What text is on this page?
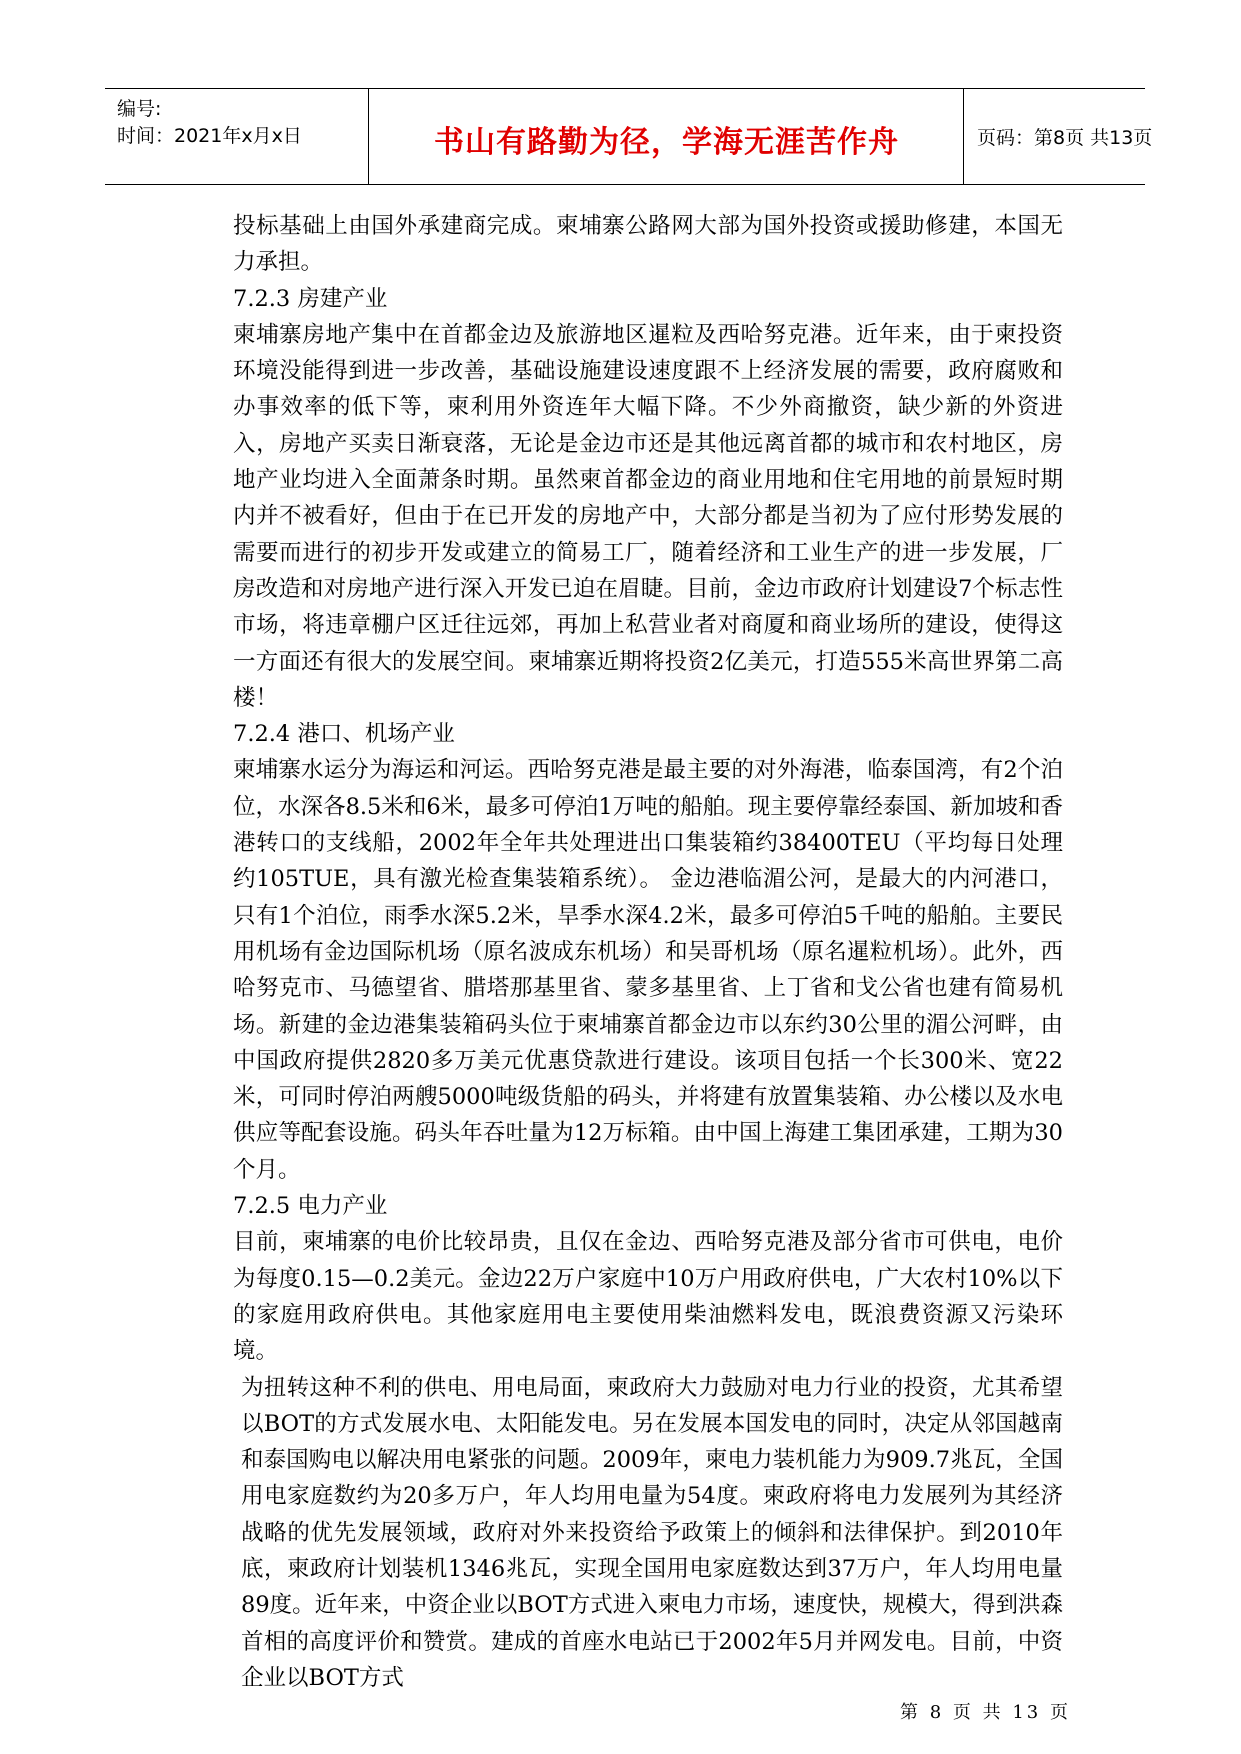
编号:
时间：2021年x月x日	书山有路勤为径，学海无涯苦作舟	页码：第8页 共13页

投标基础上由国外承建商完成。柬埔寨公路网大部为国外投资或援助修建，本国无力承担。

7.2.3 房建产业

柬埔寨房地产集中在首都金边及旅游地区暹粒及西哈努克港。近年来，由于柬投资环境没能得到进一步改善，基础设施建设速度跟不上经济发展的需要，政府腐败和办事效率的低下等，柬利用外资连年大幅下降。不少外商撤资，缺少新的外资进入，房地产买卖日渐衰落，无论是金边市还是其他远离首都的城市和农村地区，房地产业均进入全面萧条时期。虽然柬首都金边的商业用地和住宅用地的前景短时期内并不被看好，但由于在已开发的房地产中，大部分都是当初为了应付形势发展的需要而进行的初步开发或建立的简易工厂，随着经济和工业生产的进一步发展，厂房改造和对房地产进行深入开发已迫在眉睫。目前，金边市政府计划建设7个标志性市场，将违章棚户区迁往远郊，再加上私营业者对商厦和商业场所的建设，使得这一方面还有很大的发展空间。柬埔寨近期将投资2亿美元，打造555米高世界第二高楼！

7.2.4 港口、机场产业

柬埔寨水运分为海运和河运。西哈努克港是最主要的对外海港，临泰国湾，有2个泊位，水深各8.5米和6米，最多可停泊1万吨的船舶。现主要停靠经泰国、新加坡和香港转口的支线船，2002年全年共处理进出口集装箱约38400TEU（平均每日处理约105TUE，具有激光检查集装箱系统）。 金边港临湄公河，是最大的内河港口，只有1个泊位，雨季水深5.2米，旱季水深4.2米，最多可停泊5千吨的船舶。主要民用机场有金边国际机场（原名波成东机场）和吴哥机场（原名暹粒机场）。此外，西哈努克市、马德望省、腊塔那基里省、蒙多基里省、上丁省和戈公省也建有简易机场。新建的金边港集装箱码头位于柬埔寨首都金边市以东约30公里的湄公河畔，由中国政府提供2820多万美元优惠贷款进行建设。该项目包括一个长300米、宽22米，可同时停泊两艘5000吨级货船的码头，并将建有放置集装箱、办公楼以及水电供应等配套设施。码头年吞吐量为12万标箱。由中国上海建工集团承建，工期为30个月。

7.2.5 电力产业

目前，柬埔寨的电价比较昂贵，且仅在金边、西哈努克港及部分省市可供电，电价为每度0.15—0.2美元。金边22万户家庭中10万户用政府供电，广大农村10%以下的家庭用政府供电。其他家庭用电主要使用柴油燃料发电，既浪费资源又污染环境。

为扭转这种不利的供电、用电局面，柬政府大力鼓励对电力行业的投资，尤其希望以BOT的方式发展水电、太阳能发电。另在发展本国发电的同时，决定从邻国越南和泰国购电以解决用电紧张的问题。2009年，柬电力装机能力为909.7兆瓦，全国用电家庭数约为20多万户，年人均用电量为54度。柬政府将电力发展列为其经济战略的优先发展领域，政府对外来投资给予政策上的倾斜和法律保护。到2010年底，柬政府计划装机1346兆瓦，实现全国用电家庭数达到37万户，年人均用电量89度。近年来，中资企业以BOT方式进入柬电力市场，速度快，规模大，得到洪森首相的高度评价和赞赏。建成的首座水电站已于2002年5月并网发电。目前，中资企业以BOT方式

第 8 页 共 13 页
